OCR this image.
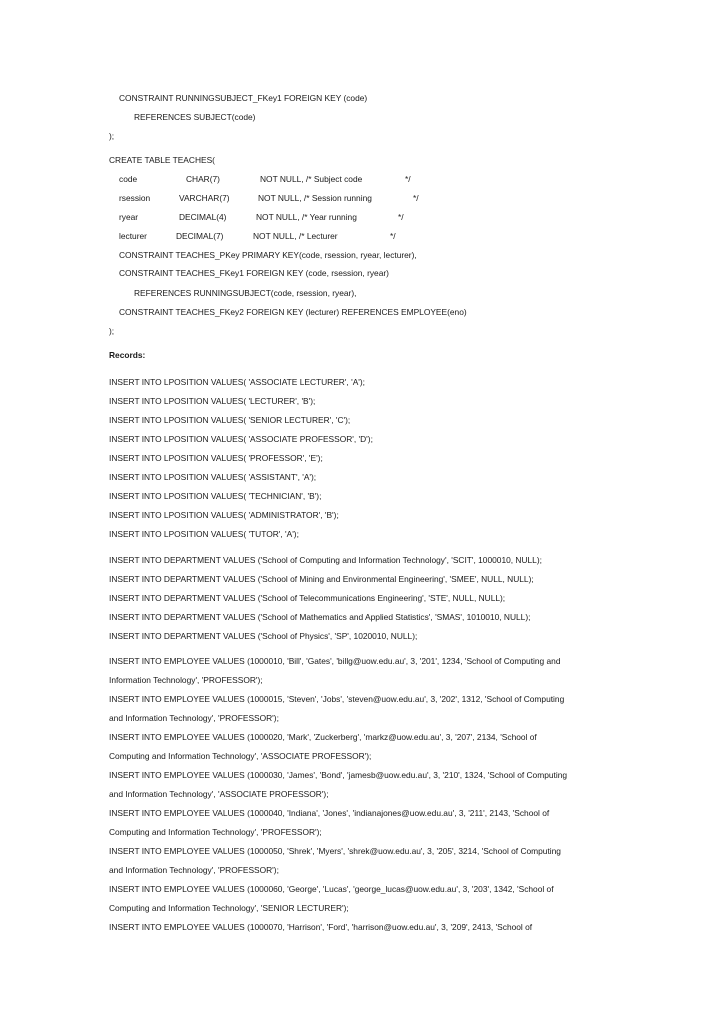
CONSTRAINT RUNNINGSUBJECT_FKey1 FOREIGN KEY (code)
REFERENCES SUBJECT(code)
);
CREATE TABLE TEACHES(
code	CHAR(7)	NOT NULL, /* Subject code	*/
rsession	VARCHAR(7)	NOT NULL, /* Session running	*/
ryear	DECIMAL(4)	NOT NULL, /* Year running	*/
lecturer	DECIMAL(7)	NOT NULL, /* Lecturer	*/
CONSTRAINT TEACHES_PKey PRIMARY KEY(code, rsession, ryear, lecturer),
CONSTRAINT TEACHES_FKey1 FOREIGN KEY (code, rsession, ryear)
REFERENCES RUNNINGSUBJECT(code, rsession, ryear),
CONSTRAINT TEACHES_FKey2 FOREIGN KEY (lecturer) REFERENCES EMPLOYEE(eno)
);
Records:
INSERT INTO LPOSITION VALUES( 'ASSOCIATE LECTURER', 'A');
INSERT INTO LPOSITION VALUES( 'LECTURER', 'B');
INSERT INTO LPOSITION VALUES( 'SENIOR LECTURER', 'C');
INSERT INTO LPOSITION VALUES( 'ASSOCIATE PROFESSOR', 'D');
INSERT INTO LPOSITION VALUES( 'PROFESSOR', 'E');
INSERT INTO LPOSITION VALUES( 'ASSISTANT', 'A');
INSERT INTO LPOSITION VALUES( 'TECHNICIAN', 'B');
INSERT INTO LPOSITION VALUES( 'ADMINISTRATOR', 'B');
INSERT INTO LPOSITION VALUES( 'TUTOR', 'A');
INSERT INTO DEPARTMENT VALUES ('School of Computing and Information Technology', 'SCIT', 1000010, NULL);
INSERT INTO DEPARTMENT VALUES ('School of Mining and Environmental Engineering', 'SMEE', NULL, NULL);
INSERT INTO DEPARTMENT VALUES ('School of Telecommunications Engineering', 'STE', NULL, NULL);
INSERT INTO DEPARTMENT VALUES ('School of Mathematics and Applied Statistics', 'SMAS', 1010010, NULL);
INSERT INTO DEPARTMENT VALUES ('School of Physics', 'SP', 1020010, NULL);
INSERT INTO EMPLOYEE VALUES (1000010, 'Bill', 'Gates', 'billg@uow.edu.au', 3, '201', 1234, 'School of Computing and
Information Technology', 'PROFESSOR');
INSERT INTO EMPLOYEE VALUES (1000015, 'Steven', 'Jobs', 'steven@uow.edu.au', 3, '202', 1312, 'School of Computing
and Information Technology', 'PROFESSOR');
INSERT INTO EMPLOYEE VALUES (1000020, 'Mark', 'Zuckerberg', 'markz@uow.edu.au', 3, '207', 2134, 'School of
Computing and Information Technology', 'ASSOCIATE PROFESSOR');
INSERT INTO EMPLOYEE VALUES (1000030, 'James', 'Bond', 'jamesb@uow.edu.au', 3, '210', 1324, 'School of Computing
and Information Technology', 'ASSOCIATE PROFESSOR');
INSERT INTO EMPLOYEE VALUES (1000040, 'Indiana', 'Jones', 'indianajones@uow.edu.au', 3, '211', 2143, 'School of
Computing and Information Technology', 'PROFESSOR');
INSERT INTO EMPLOYEE VALUES (1000050, 'Shrek', 'Myers', 'shrek@uow.edu.au', 3, '205', 3214, 'School of Computing
and Information Technology', 'PROFESSOR');
INSERT INTO EMPLOYEE VALUES (1000060, 'George', 'Lucas', 'george_lucas@uow.edu.au', 3, '203', 1342, 'School of
Computing and Information Technology', 'SENIOR LECTURER');
INSERT INTO EMPLOYEE VALUES (1000070, 'Harrison', 'Ford', 'harrison@uow.edu.au', 3, '209', 2413, 'School of
